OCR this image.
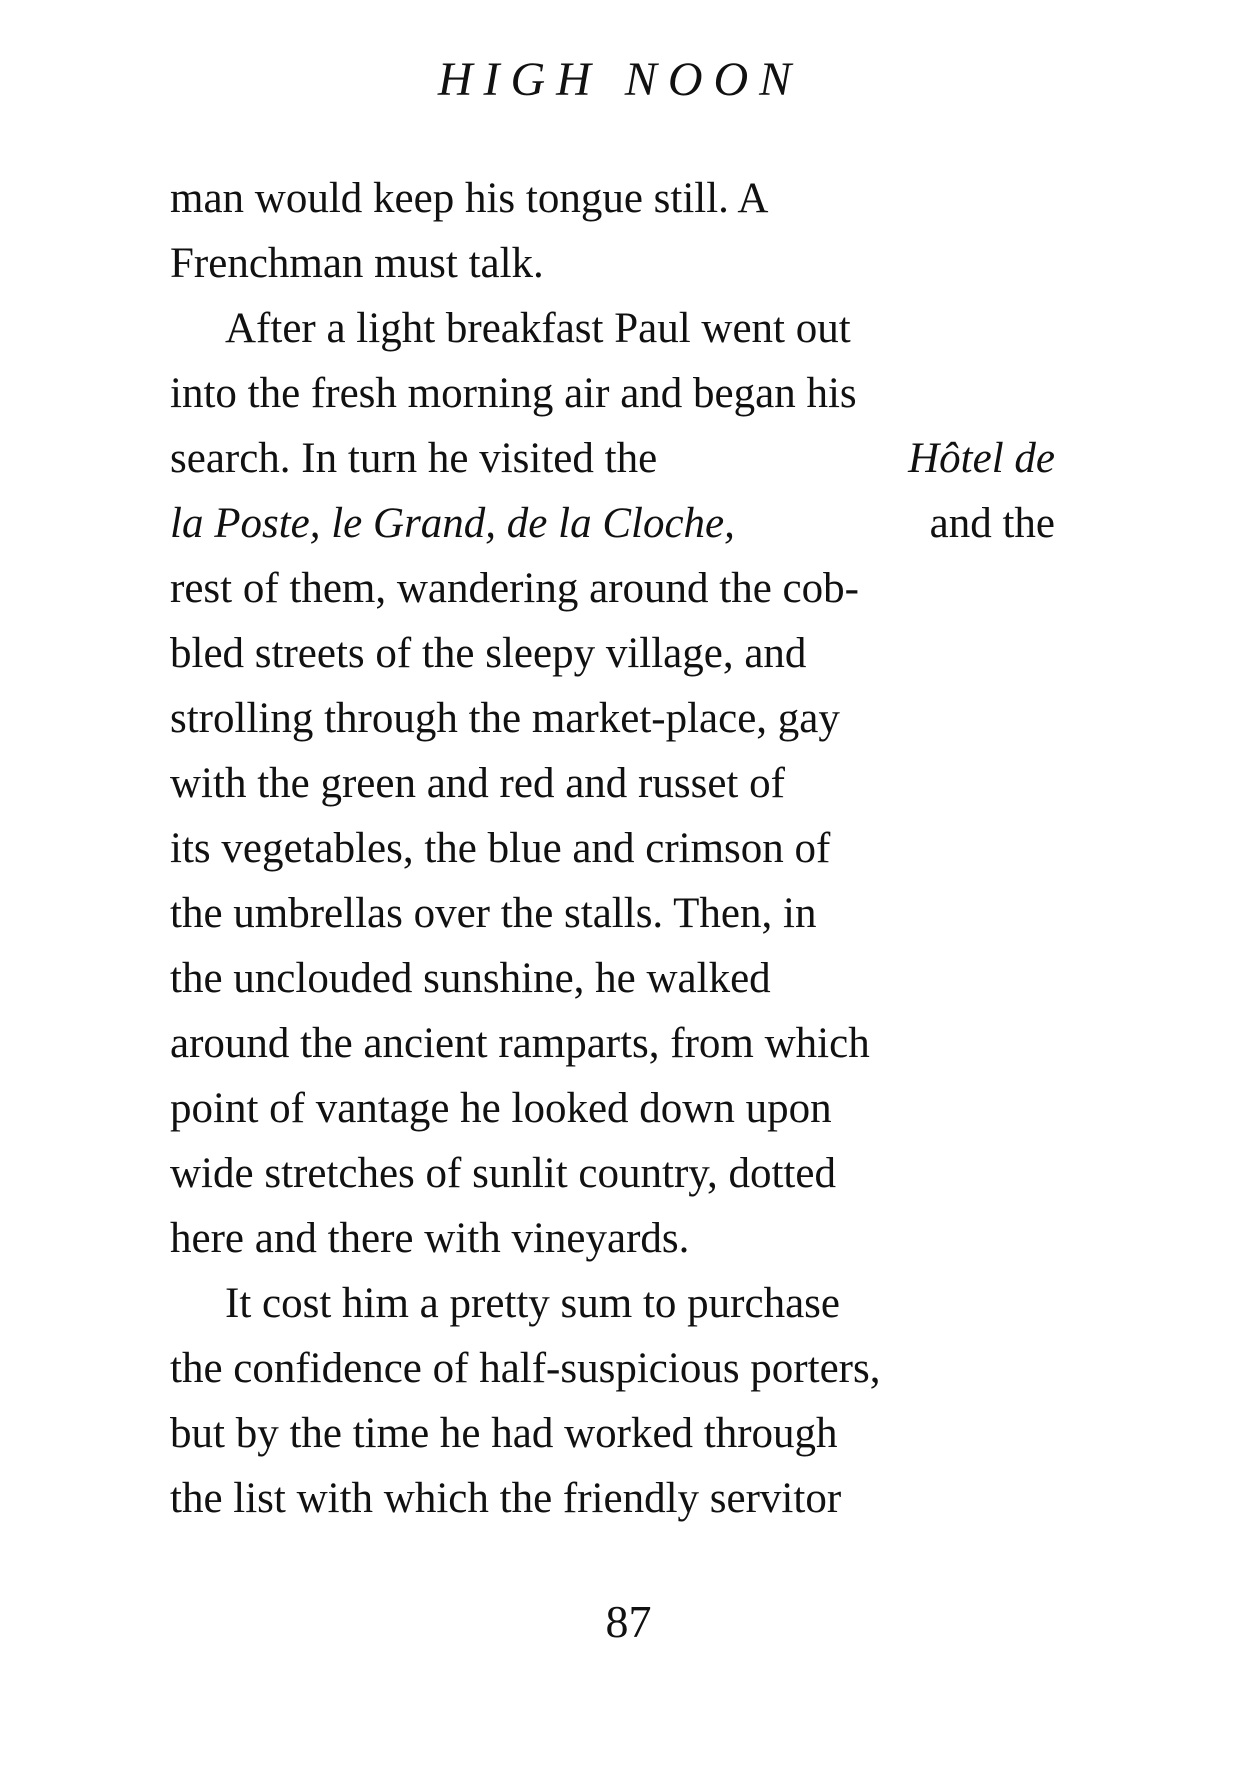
HIGH NOON
man would keep his tongue still. A
Frenchman must talk.
After a light breakfast Paul went out
into the fresh morning air and began his
search. In turn he visited the	Hôtel de
la Poste, le Grand, de la Cloche,	and the
rest of them, wandering around the cob-
bled streets of the sleepy village, and
strolling through the market-place, gay
with the green and red and russet of
its vegetables, the blue and crimson of
the umbrellas over the stalls. Then, in
the unclouded sunshine, he walked
around the ancient ramparts, from which
point of vantage he looked down upon
wide stretches of sunlit country, dotted
here and there with vineyards.
It cost him a pretty sum to purchase
the confidence of half-suspicious porters,
but by the time he had worked through
the list with which the friendly servitor
87
